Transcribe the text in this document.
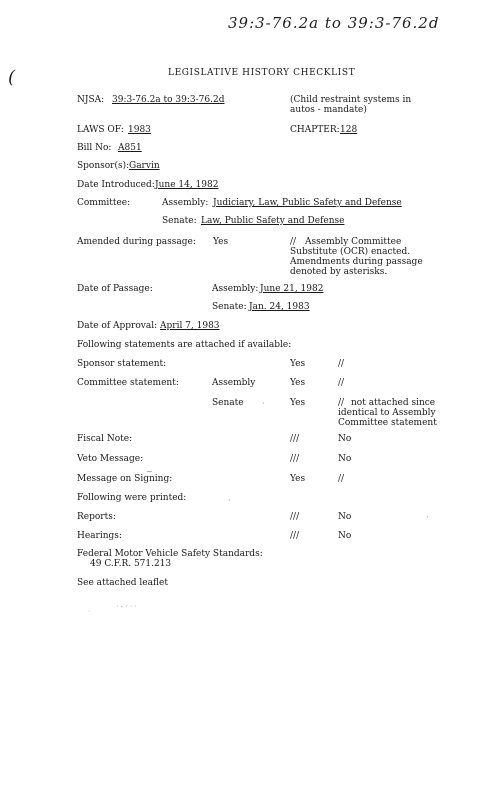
39:3-76.2a to 39:3-76.2d
(	LEGISLATIVE HISTORY CHECKLIST
NJSA: 39:3-76.2a to 39:3-76.2d	(Child restraint systems in
autos - mandate)
LAWS OF: 1983	CHAPTER: 128
Bill No: A851
Sponsor(s): Garvin
Date Introduced: June 14, 1982
Committee:	Assembly: Judiciary, Law, Public Safety and Defense
Senate: Law, Public Safety and Defense
Amended during passage: Yes	// Assembly Committee
Substitute (OCR) enacted.
Amendments during passage
denoted by asterisks.
Date of Passage:	Assembly: June 21, 1982
Senate: Jan. 24, 1983
Date of Approval: April 7, 1983
Following statements are attached if available:
Sponsor statement:	Yes	//
Committee statement:	Assembly	Yes	//
Senate	Yes	// not attached since
identical to Assembly
Committee statement
·
Fiscal Note:	///	No
Veto Message:	///	No
Message on Signing:	Yes	//
~
Following were printed:	·
Reports:	///	No	·
Hearings:	///	No
Federal Motor Vehicle Safety Standards:
49 C.F.R. 571.213
See attached leaflet
·-···
·
